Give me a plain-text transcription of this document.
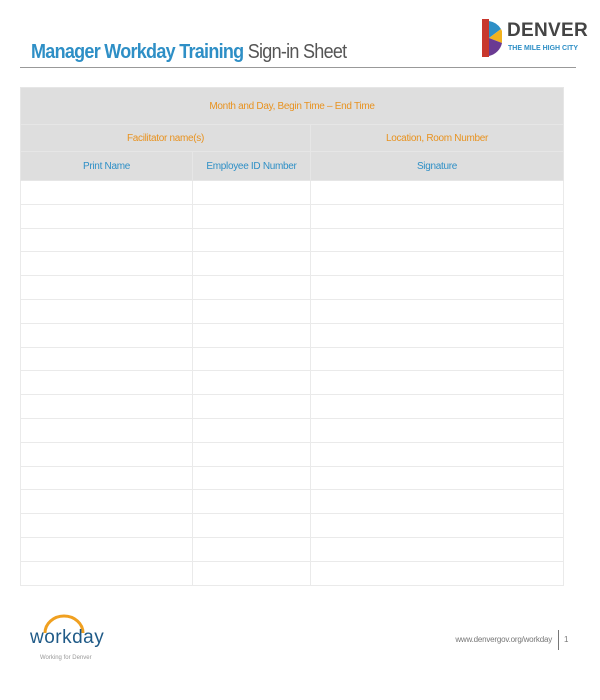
Manager Workday Training Sign-in Sheet
DENVER
THE MILE HIGH CITY
Month and Day, Begin Time – End Time		
Facilitator name(s)		Location, Room Number
Print Name	Employee ID Number	Signature

workday
Working for Denver
www.denvergov.org/workday 1
